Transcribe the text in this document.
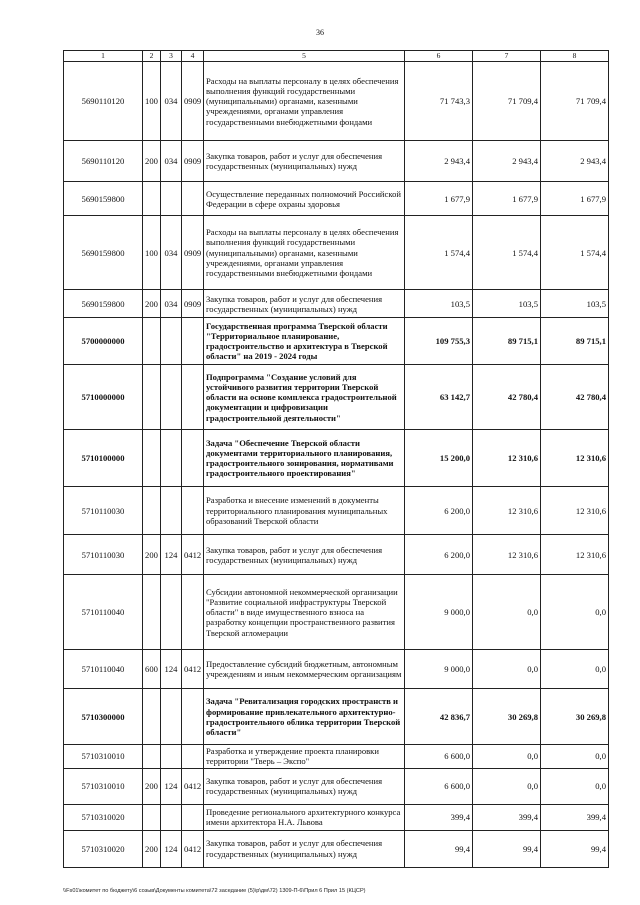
36
1	2	3	4	5	6	7	8
5690110120	100	034	0909	Расходы на выплаты персоналу в целях обеспечения выполнения функций государственными (муниципальными) органами, казенными учреждениями, органами управления государственными внебюджетными фондами	71 743,3	71 709,4	71 709,4
5690110120	200	034	0909	Закупка товаров, работ и услуг для обеспечения государственных (муниципальных) нужд	2 943,4	2 943,4	2 943,4
5690159800				Осуществление переданных полномочий Российской Федерации в сфере охраны здоровья	1 677,9	1 677,9	1 677,9
5690159800	100	034	0909	Расходы на выплаты персоналу в целях обеспечения выполнения функций государственными (муниципальными) органами, казенными учреждениями, органами управления государственными внебюджетными фондами	1 574,4	1 574,4	1 574,4
5690159800	200	034	0909	Закупка товаров, работ и услуг для обеспечения государственных (муниципальных) нужд	103,5	103,5	103,5
5700000000				Государственная программа Тверской области "Территориальное планирование, градостроительство и архитектура в Тверской области" на 2019 - 2024 годы	109 755,3	89 715,1	89 715,1
5710000000				Подпрограмма "Создание условий для устойчивого развития территории Тверской области на основе комплекса градостроительной документации и цифровизации градостроительной деятельности"	63 142,7	42 780,4	42 780,4
5710100000				Задача "Обеспечение Тверской области документами территориального планирования, градостроительного зонирования, нормативами градостроительного проектирования"	15 200,0	12 310,6	12 310,6
5710110030				Разработка и внесение изменений в документы территориального планирования муниципальных образований Тверской области	6 200,0	12 310,6	12 310,6
5710110030	200	124	0412	Закупка товаров, работ и услуг для обеспечения государственных (муниципальных) нужд	6 200,0	12 310,6	12 310,6
5710110040				Субсидии автономной некоммерческой организации "Развитие социальной инфраструктуры Тверской области" в виде имущественного взноса на разработку концепции пространственного развития Тверской агломерации	9 000,0	0,0	0,0
5710110040	600	124	0412	Предоставление субсидий бюджетным, автономным учреждениям и иным некоммерческим организациям	9 000,0	0,0	0,0
5710300000				Задача "Ревитализация городских пространств и формирование привлекательного архитектурно-градостроительного облика территории Тверской области"	42 836,7	30 269,8	30 269,8
5710310010				Разработка и утверждение проекта планировки территории "Тверь – Экспо"	6 600,0	0,0	0,0
5710310010	200	124	0412	Закупка товаров, работ и услуг для обеспечения государственных (муниципальных) нужд	6 600,0	0,0	0,0
5710310020				Проведение регионального архитектурного конкурса имени архитектора Н.А. Львова	399,4	399,4	399,4
5710310020	200	124	0412	Закупка товаров, работ и услуг для обеспечения государственных (муниципальных) нужд	99,4	99,4	99,4
\\Fs01\комитет по бюджету\6 созыв\Документы комитета\72 заседание (5)\р\дм\72) 1309-П-6\Прил 6 Прил 15 (КЦСР)
